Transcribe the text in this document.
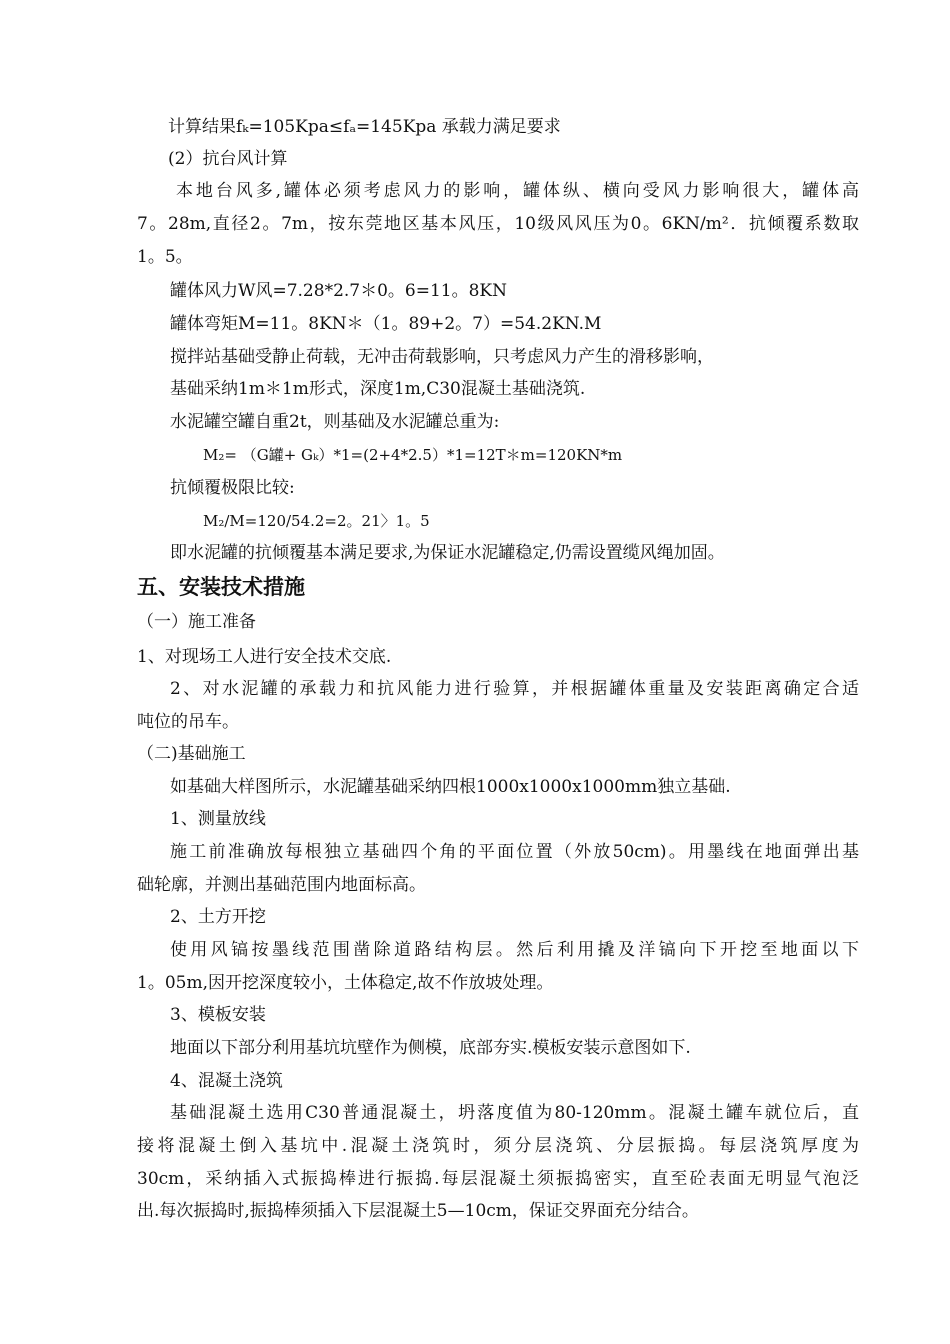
计算结果fₖ=105Kpa≤fₐ=145Kpa 承载力满足要求
(2）抗台风计算
本地台风多,罐体必须考虑风力的影响，罐体纵、横向受风力影响很大，罐体高
7。28m,直径2。7m，按东莞地区基本风压，10级风风压为0。6KN/m²．抗倾覆系数取
1。5。
罐体风力W风=7.28*2.7＊0。6=11。8KN
罐体弯矩M=11。8KN＊（1。89+2。7）=54.2KN.M
搅拌站基础受静止荷载，无冲击荷载影响，只考虑风力产生的滑移影响，
基础采纳1m＊1m形式，深度1m,C30混凝土基础浇筑.
水泥罐空罐自重2t，则基础及水泥罐总重为:
M₂= （G罐+ Gₖ）*1=(2+4*2.5）*1=12T＊m=120KN*m
抗倾覆极限比较:
M₂/M=120/54.2=2。21〉1。5
即水泥罐的抗倾覆基本满足要求,为保证水泥罐稳定,仍需设置缆风绳加固。
五、安装技术措施
（一）施工准备
1、对现场工人进行安全技术交底.
2、对水泥罐的承载力和抗风能力进行验算，并根据罐体重量及安装距离确定合适
吨位的吊车。
（二)基础施工
如基础大样图所示，水泥罐基础采纳四根1000x1000x1000mm独立基础.
1、测量放线
施工前准确放每根独立基础四个角的平面位置（外放50cm)。用墨线在地面弹出基
础轮廓，并测出基础范围内地面标高。
2、土方开挖
使用风镐按墨线范围凿除道路结构层。然后利用撬及洋镐向下开挖至地面以下
1。05m,因开挖深度较小，土体稳定,故不作放坡处理。
3、模板安装
地面以下部分利用基坑坑壁作为侧模，底部夯实.模板安装示意图如下.
4、混凝土浇筑
基础混凝土选用C30普通混凝土，坍落度值为80-120mm。混凝土罐车就位后，直
接将混凝土倒入基坑中.混凝土浇筑时，须分层浇筑、分层振捣。每层浇筑厚度为
30cm，采纳插入式振捣棒进行振捣.每层混凝土须振捣密实，直至砼表面无明显气泡泛
出.每次振捣时,振捣棒须插入下层混凝土5—10cm，保证交界面充分结合。
